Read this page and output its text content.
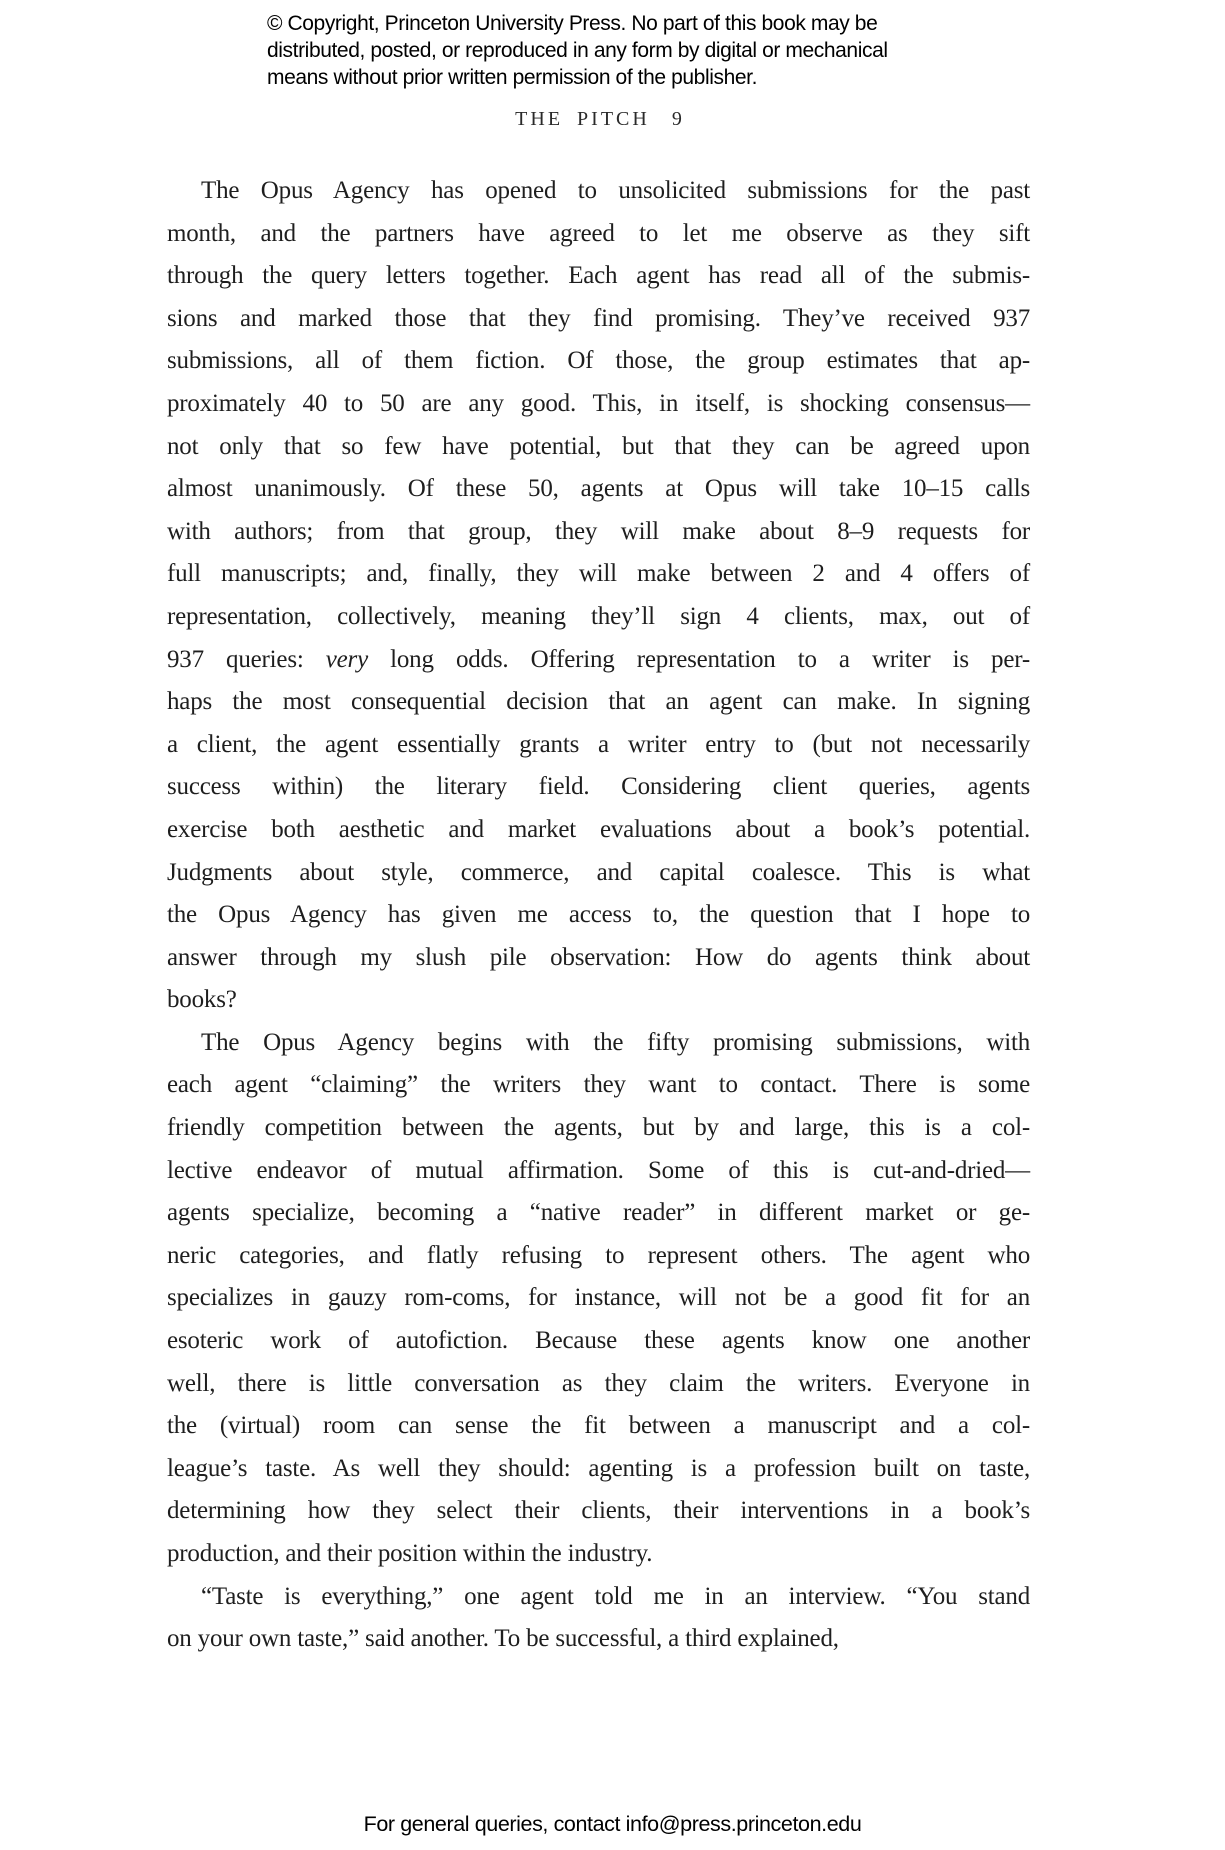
© Copyright, Princeton University Press. No part of this book may be
distributed, posted, or reproduced in any form by digital or mechanical
means without prior written permission of the publisher.
THE PITCH 9
The Opus Agency has opened to unsolicited submissions for the past
month, and the partners have agreed to let me observe as they sift
through the query letters together. Each agent has read all of the submis-
sions and marked those that they find promising. They’ve received 937
submissions, all of them fiction. Of those, the group estimates that ap-
proximately 40 to 50 are any good. This, in itself, is shocking consensus—
not only that so few have potential, but that they can be agreed upon
almost unanimously. Of these 50, agents at Opus will take 10–15 calls
with authors; from that group, they will make about 8–9 requests for
full manuscripts; and, finally, they will make between 2 and 4 offers of
representation, collectively, meaning they’ll sign 4 clients, max, out of
937 queries: very long odds. Offering representation to a writer is per-
haps the most consequential decision that an agent can make. In signing
a client, the agent essentially grants a writer entry to (but not necessarily
success within) the literary field. Considering client queries, agents
exercise both aesthetic and market evaluations about a book’s potential.
Judgments about style, commerce, and capital coalesce. This is what
the Opus Agency has given me access to, the question that I hope to
answer through my slush pile observation: How do agents think about
books?
The Opus Agency begins with the fifty promising submissions, with
each agent “claiming” the writers they want to contact. There is some
friendly competition between the agents, but by and large, this is a col-
lective endeavor of mutual affirmation. Some of this is cut-and-dried—
agents specialize, becoming a “native reader” in different market or ge-
neric categories, and flatly refusing to represent others. The agent who
specializes in gauzy rom-coms, for instance, will not be a good fit for an
esoteric work of autofiction. Because these agents know one another
well, there is little conversation as they claim the writers. Everyone in
the (virtual) room can sense the fit between a manuscript and a col-
league’s taste. As well they should: agenting is a profession built on taste,
determining how they select their clients, their interventions in a book’s
production, and their position within the industry.
“Taste is everything,” one agent told me in an interview. “You stand
on your own taste,” said another. To be successful, a third explained,
For general queries, contact info@press.princeton.edu
